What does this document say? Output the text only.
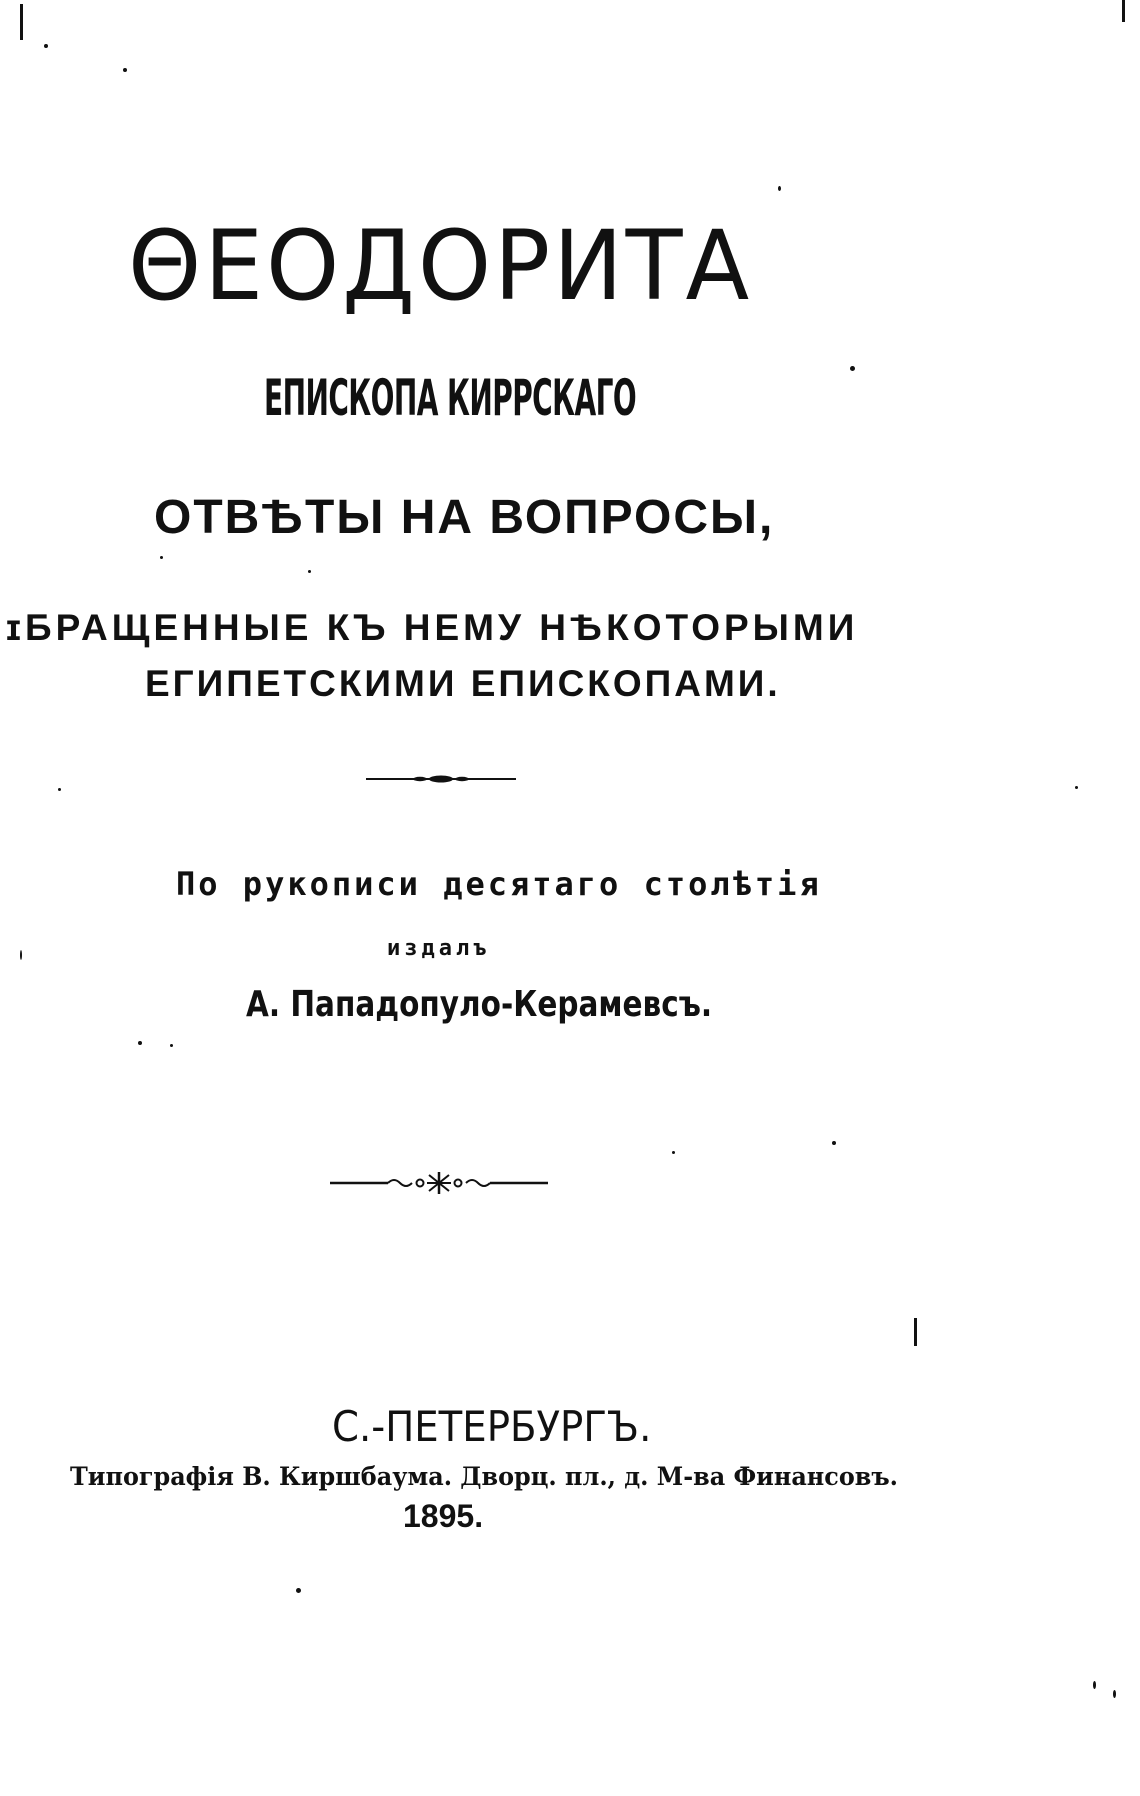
ΘΕΟДОРИТА
ЕПИСКОПА КИРРСКАГО
ОТВѢТЫ НА ВОПРОСЫ,
ɪБРАЩЕННЫЕ КЪ НЕМУ НѢКОТОРЫМИ
ЕГИПЕТСКИМИ ЕПИСКОПАМИ.
По рукописи десятаго столѣтiя
издалъ
А. Пападопуло-Керамевсъ.
С.-ПЕТЕРБУРГЪ.
Типографiя В. Киршбаума. Дворц. пл., д. М-ва Финансовъ.
1895.
